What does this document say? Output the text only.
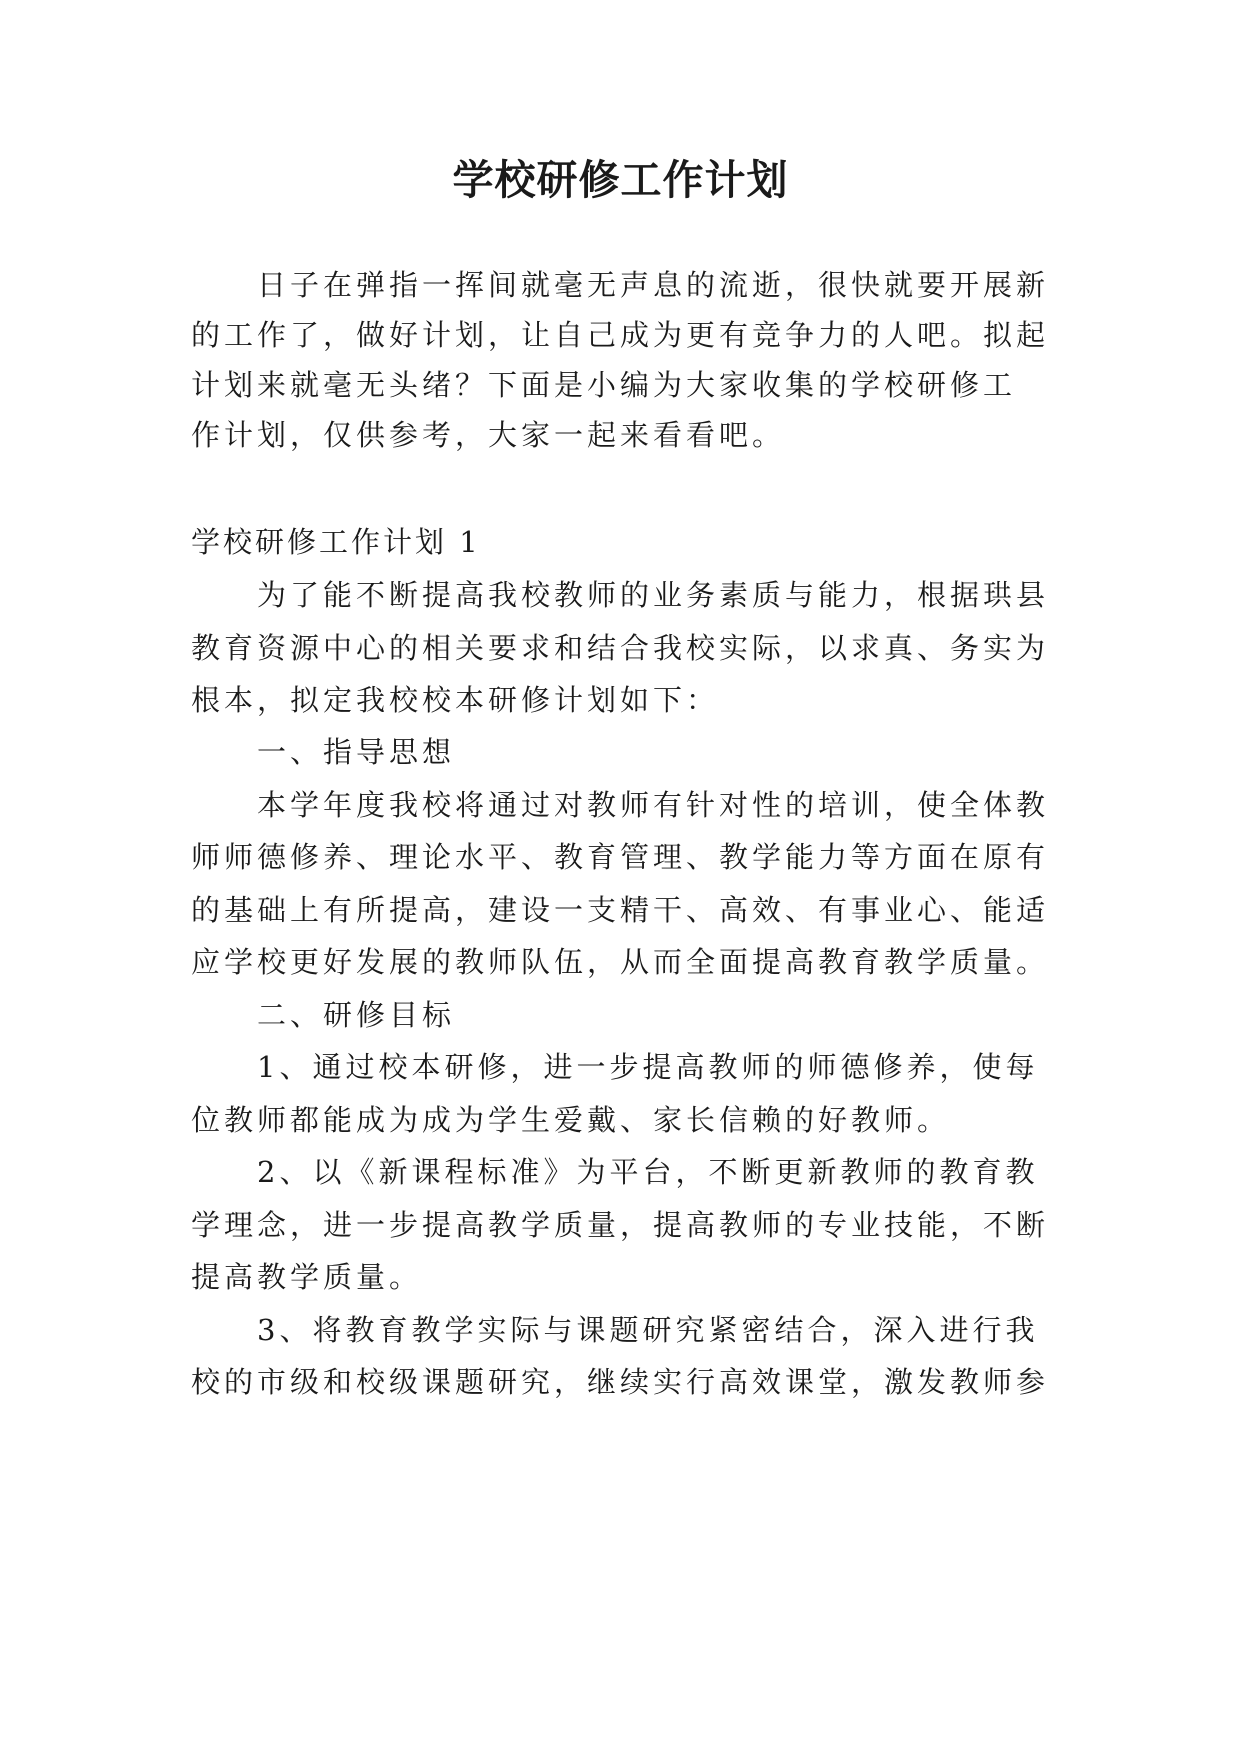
学校研修工作计划
日子在弹指一挥间就毫无声息的流逝，很快就要开展新
的工作了，做好计划，让自己成为更有竞争力的人吧。拟起
计划来就毫无头绪？下面是小编为大家收集的学校研修工
作计划，仅供参考，大家一起来看看吧。
学校研修工作计划 1
为了能不断提高我校教师的业务素质与能力，根据珙县
教育资源中心的相关要求和结合我校实际，以求真、务实为
根本，拟定我校校本研修计划如下：
一、指导思想
本学年度我校将通过对教师有针对性的培训，使全体教
师师德修养、理论水平、教育管理、教学能力等方面在原有
的基础上有所提高，建设一支精干、高效、有事业心、能适
应学校更好发展的教师队伍，从而全面提高教育教学质量。
二、研修目标
1、通过校本研修，进一步提高教师的师德修养，使每
位教师都能成为成为学生爱戴、家长信赖的好教师。
2、以《新课程标准》为平台，不断更新教师的教育教
学理念，进一步提高教学质量，提高教师的专业技能，不断
提高教学质量。
3、将教育教学实际与课题研究紧密结合，深入进行我
校的市级和校级课题研究，继续实行高效课堂，激发教师参
